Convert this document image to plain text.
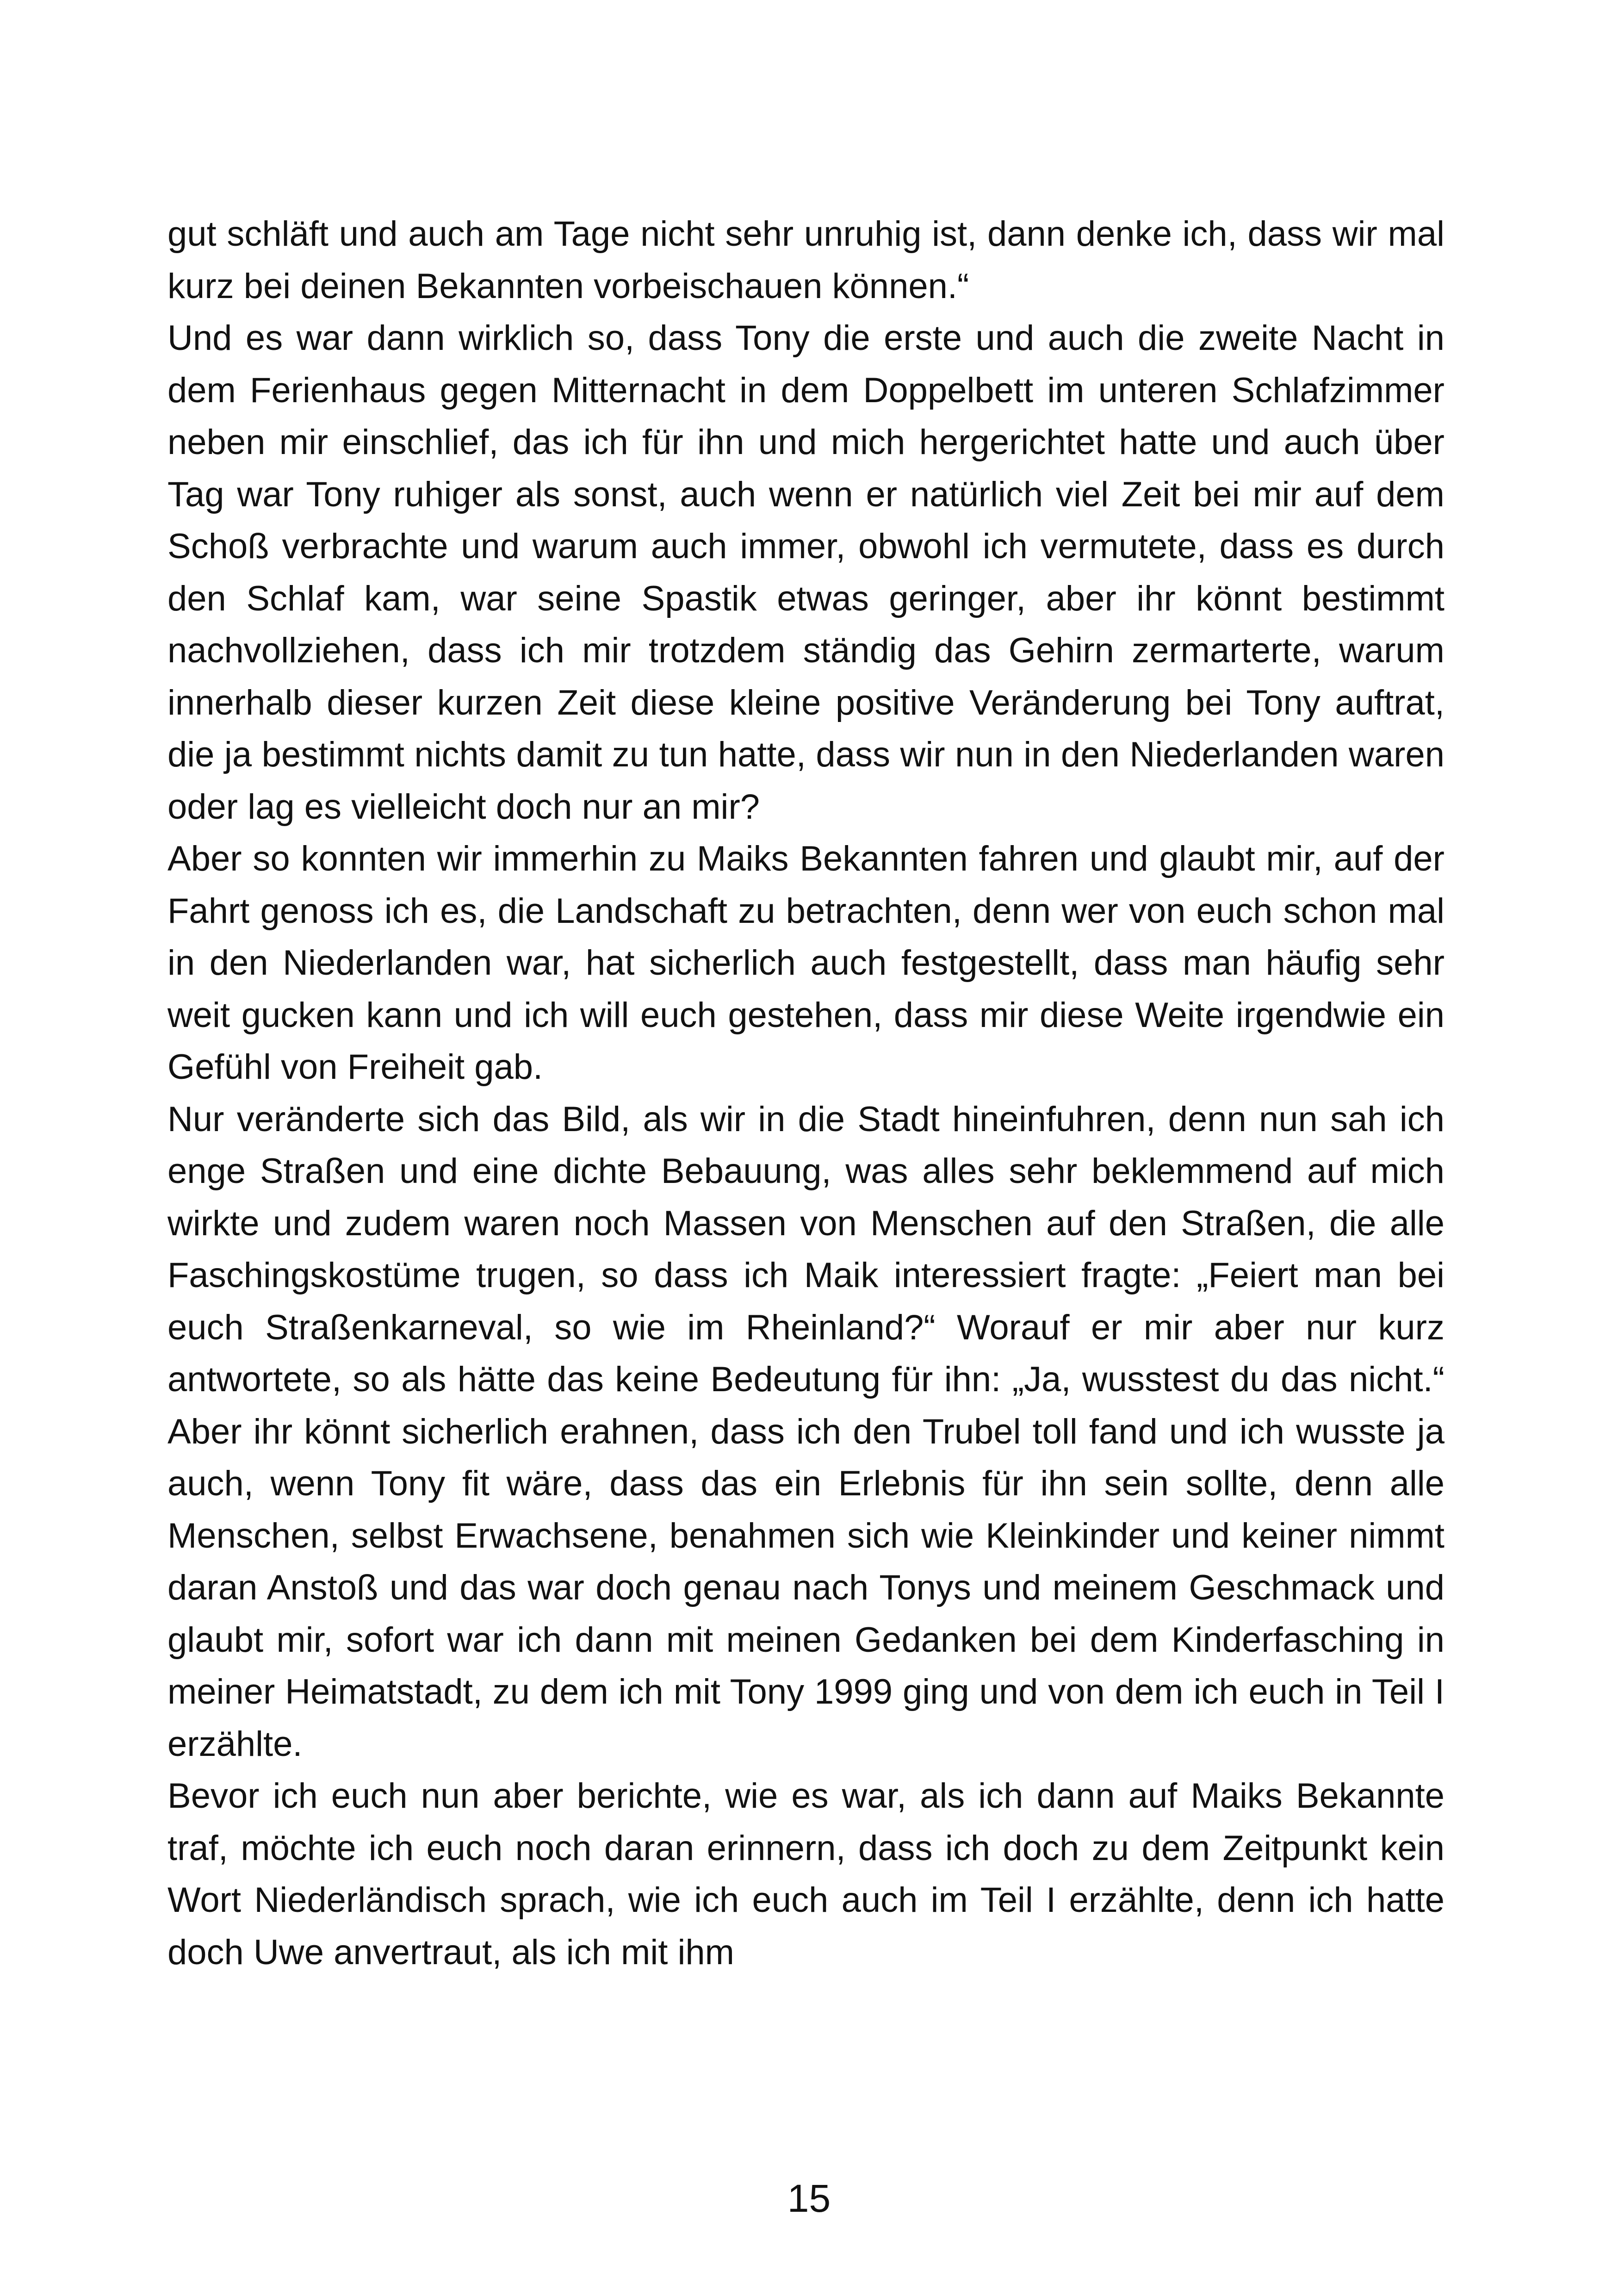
gut schläft und auch am Tage nicht sehr unruhig ist, dann denke ich, dass wir mal kurz bei deinen Bekannten vorbeischauen können.“

Und es war dann wirklich so, dass Tony die erste und auch die zweite Nacht in dem Ferienhaus gegen Mitternacht in dem Doppelbett im unteren Schlafzimmer neben mir einschlief, das ich für ihn und mich hergerichtet hatte und auch über Tag war Tony ruhiger als sonst, auch wenn er natürlich viel Zeit bei mir auf dem Schoß verbrachte und warum auch immer, obwohl ich vermutete, dass es durch den Schlaf kam, war seine Spastik etwas geringer, aber ihr könnt bestimmt nachvollziehen, dass ich mir trotzdem ständig das Gehirn zermarterte, warum innerhalb dieser kurzen Zeit diese kleine positive Veränderung bei Tony auftrat, die ja bestimmt nichts damit zu tun hatte, dass wir nun in den Niederlanden waren oder lag es vielleicht doch nur an mir?

Aber so konnten wir immerhin zu Maiks Bekannten fahren und glaubt mir, auf der Fahrt genoss ich es, die Landschaft zu betrachten, denn wer von euch schon mal in den Niederlanden war, hat sicherlich auch festgestellt, dass man häufig sehr weit gucken kann und ich will euch gestehen, dass mir diese Weite irgendwie ein Gefühl von Freiheit gab.

Nur veränderte sich das Bild, als wir in die Stadt hineinfuhren, denn nun sah ich enge Straßen und eine dichte Bebauung, was alles sehr beklemmend auf mich wirkte und zudem waren noch Massen von Menschen auf den Straßen, die alle Faschingskostüme trugen, so dass ich Maik interessiert fragte: „Feiert man bei euch Straßenkarneval, so wie im Rheinland?“ Worauf er mir aber nur kurz antwortete, so als hätte das keine Bedeutung für ihn: „Ja, wusstest du das nicht.“ Aber ihr könnt sicherlich erahnen, dass ich den Trubel toll fand und ich wusste ja auch, wenn Tony fit wäre, dass das ein Erlebnis für ihn sein sollte, denn alle Menschen, selbst Erwachsene, benahmen sich wie Kleinkinder und keiner nimmt daran Anstoß und das war doch genau nach Tonys und meinem Geschmack und glaubt mir, sofort war ich dann mit meinen Gedanken bei dem Kinderfasching in meiner Heimatstadt, zu dem ich mit Tony 1999 ging und von dem ich euch in Teil I erzählte.

Bevor ich euch nun aber berichte, wie es war, als ich dann auf Maiks Bekannte traf, möchte ich euch noch daran erinnern, dass ich doch zu dem Zeitpunkt kein Wort Niederländisch sprach, wie ich euch auch im Teil I erzählte, denn ich hatte doch Uwe anvertraut, als ich mit ihm

15
